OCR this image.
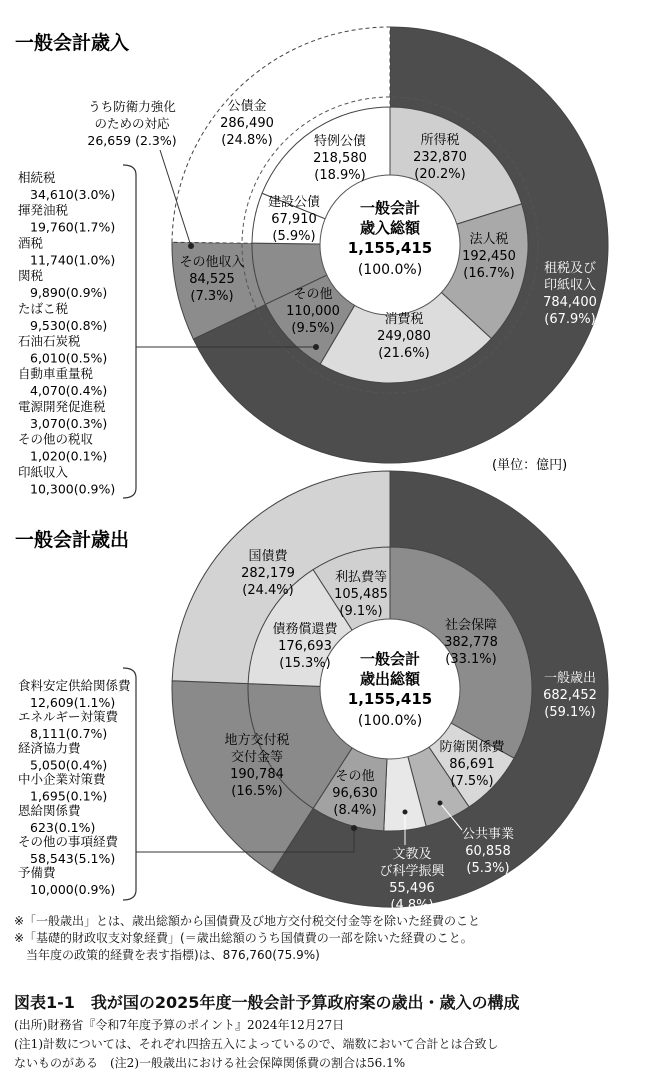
一般会計歳入
一般会計
歳入総額
1,155,415
(100.0%)	租税及び
印紙収入
784,400
(67.9%)
その他収入
84,525
(7.3%)
公債金
286,490
(24.8%)	所得税
232,870
(20.2%)
法人税
192,450
(16.7%)
消費税
249,080
(21.6%)
その他
110,000
(9.5%)
建設公債
67,910
(5.9%)
特例公債
218,580
(18.9%)
うち防衛力強化
のための対応
26,659 (2.3%)
相続税
34,610(3.0%)
揮発油税
19,760(1.7%)
酒税
11,740(1.0%)
関税
9,890(0.9%)
たばこ税
9,530(0.8%)
石油石炭税
6,010(0.5%)
自動車重量税
4,070(0.4%)
電源開発促進税
3,070(0.3%)
その他の税収
1,020(0.1%)
印紙収入
10,300(0.9%)
(単位：億円)
一般会計歳出
一般会計
歳出総額
1,155,415
(100.0%)
一般歳出
682,452
(59.1%)
地方交付税
交付金等
190,784
(16.5%)
国債費
282,179
(24.4%)
社会保障
382,778
(33.1%)
防衛関係費
86,691
(7.5%)
公共事業
60,858
(5.3%)
文教及
び科学振興
55,496
(4.8%)
その他
96,630
(8.4%)
債務償還費
176,693
(15.3%)
利払費等
105,485
(9.1%)
食料安定供給関係費
12,609(1.1%)
エネルギー対策費
8,111(0.7%)
経済協力費
5,050(0.4%)
中小企業対策費
1,695(0.1%)
恩給関係費
623(0.1%)
その他の事項経費
58,543(5.1%)
予備費
10,000(0.9%)
※「一般歳出」とは、歳出総額から国債費及び地方交付税交付金等を除いた経費のこと
※「基礎的財政収支対象経費」(＝歳出総額のうち国債費の一部を除いた経費のこと。
　当年度の政策的経費を表す指標)は、876,760(75.9%)
図表1-1　我が国の2025年度一般会計予算政府案の歳出・歳入の構成
(出所)財務省『令和7年度予算のポイント』2024年12月27日
(注1)計数については、それぞれ四捨五入によっているので、端数において合計とは合致し
ないものがある　(注2)一般歳出における社会保障関係費の割合は56.1%
